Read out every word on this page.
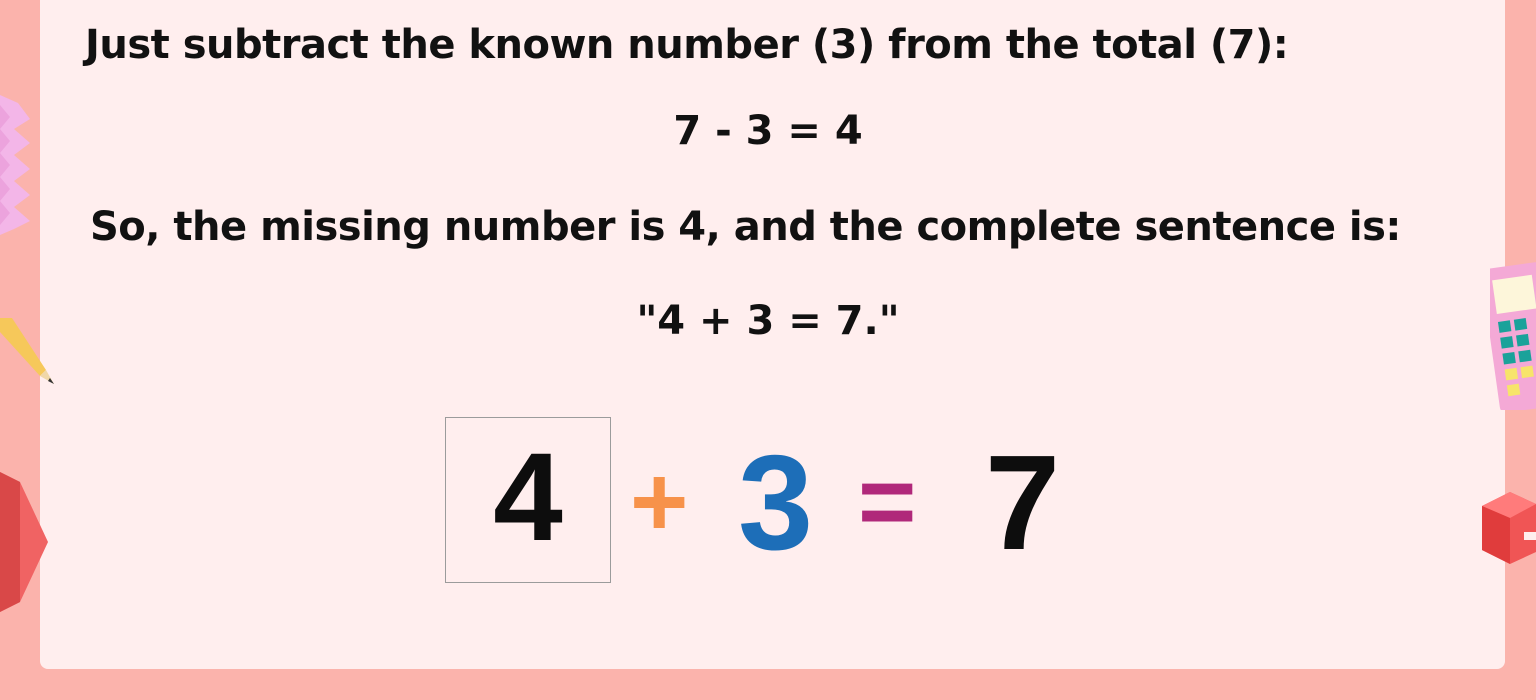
Just subtract the known number (3) from the total (7):
7 - 3 = 4
So, the missing number is 4, and the complete sentence is:
"4 + 3 = 7."
4 + 3 = 7
